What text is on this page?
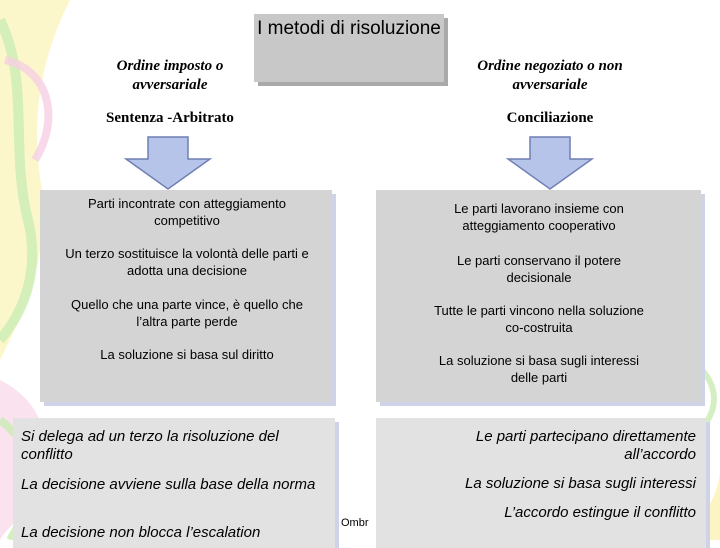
I metodi di risoluzione
Ordine imposto o avversariale
Sentenza -Arbitrato
Ordine negoziato o non avversariale
Conciliazione
Parti incontrate con atteggiamento competitivo
Un terzo sostituisce la volontà delle parti e adotta una decisione
Quello che una parte vince, è quello che l’altra parte perde
La soluzione si basa sul diritto
Le parti lavorano insieme con atteggiamento cooperativo
Le parti conservano il potere decisionale
Tutte le parti vincono nella soluzione co-costruita
La soluzione si basa sugli interessi delle parti
Si delega ad un terzo la risoluzione del conflitto
La decisione avviene sulla base della norma
La decisione non blocca l’escalation
Le parti partecipano direttamente all’accordo
La soluzione si basa sugli interessi
L’accordo estingue il conflitto
Ombr
